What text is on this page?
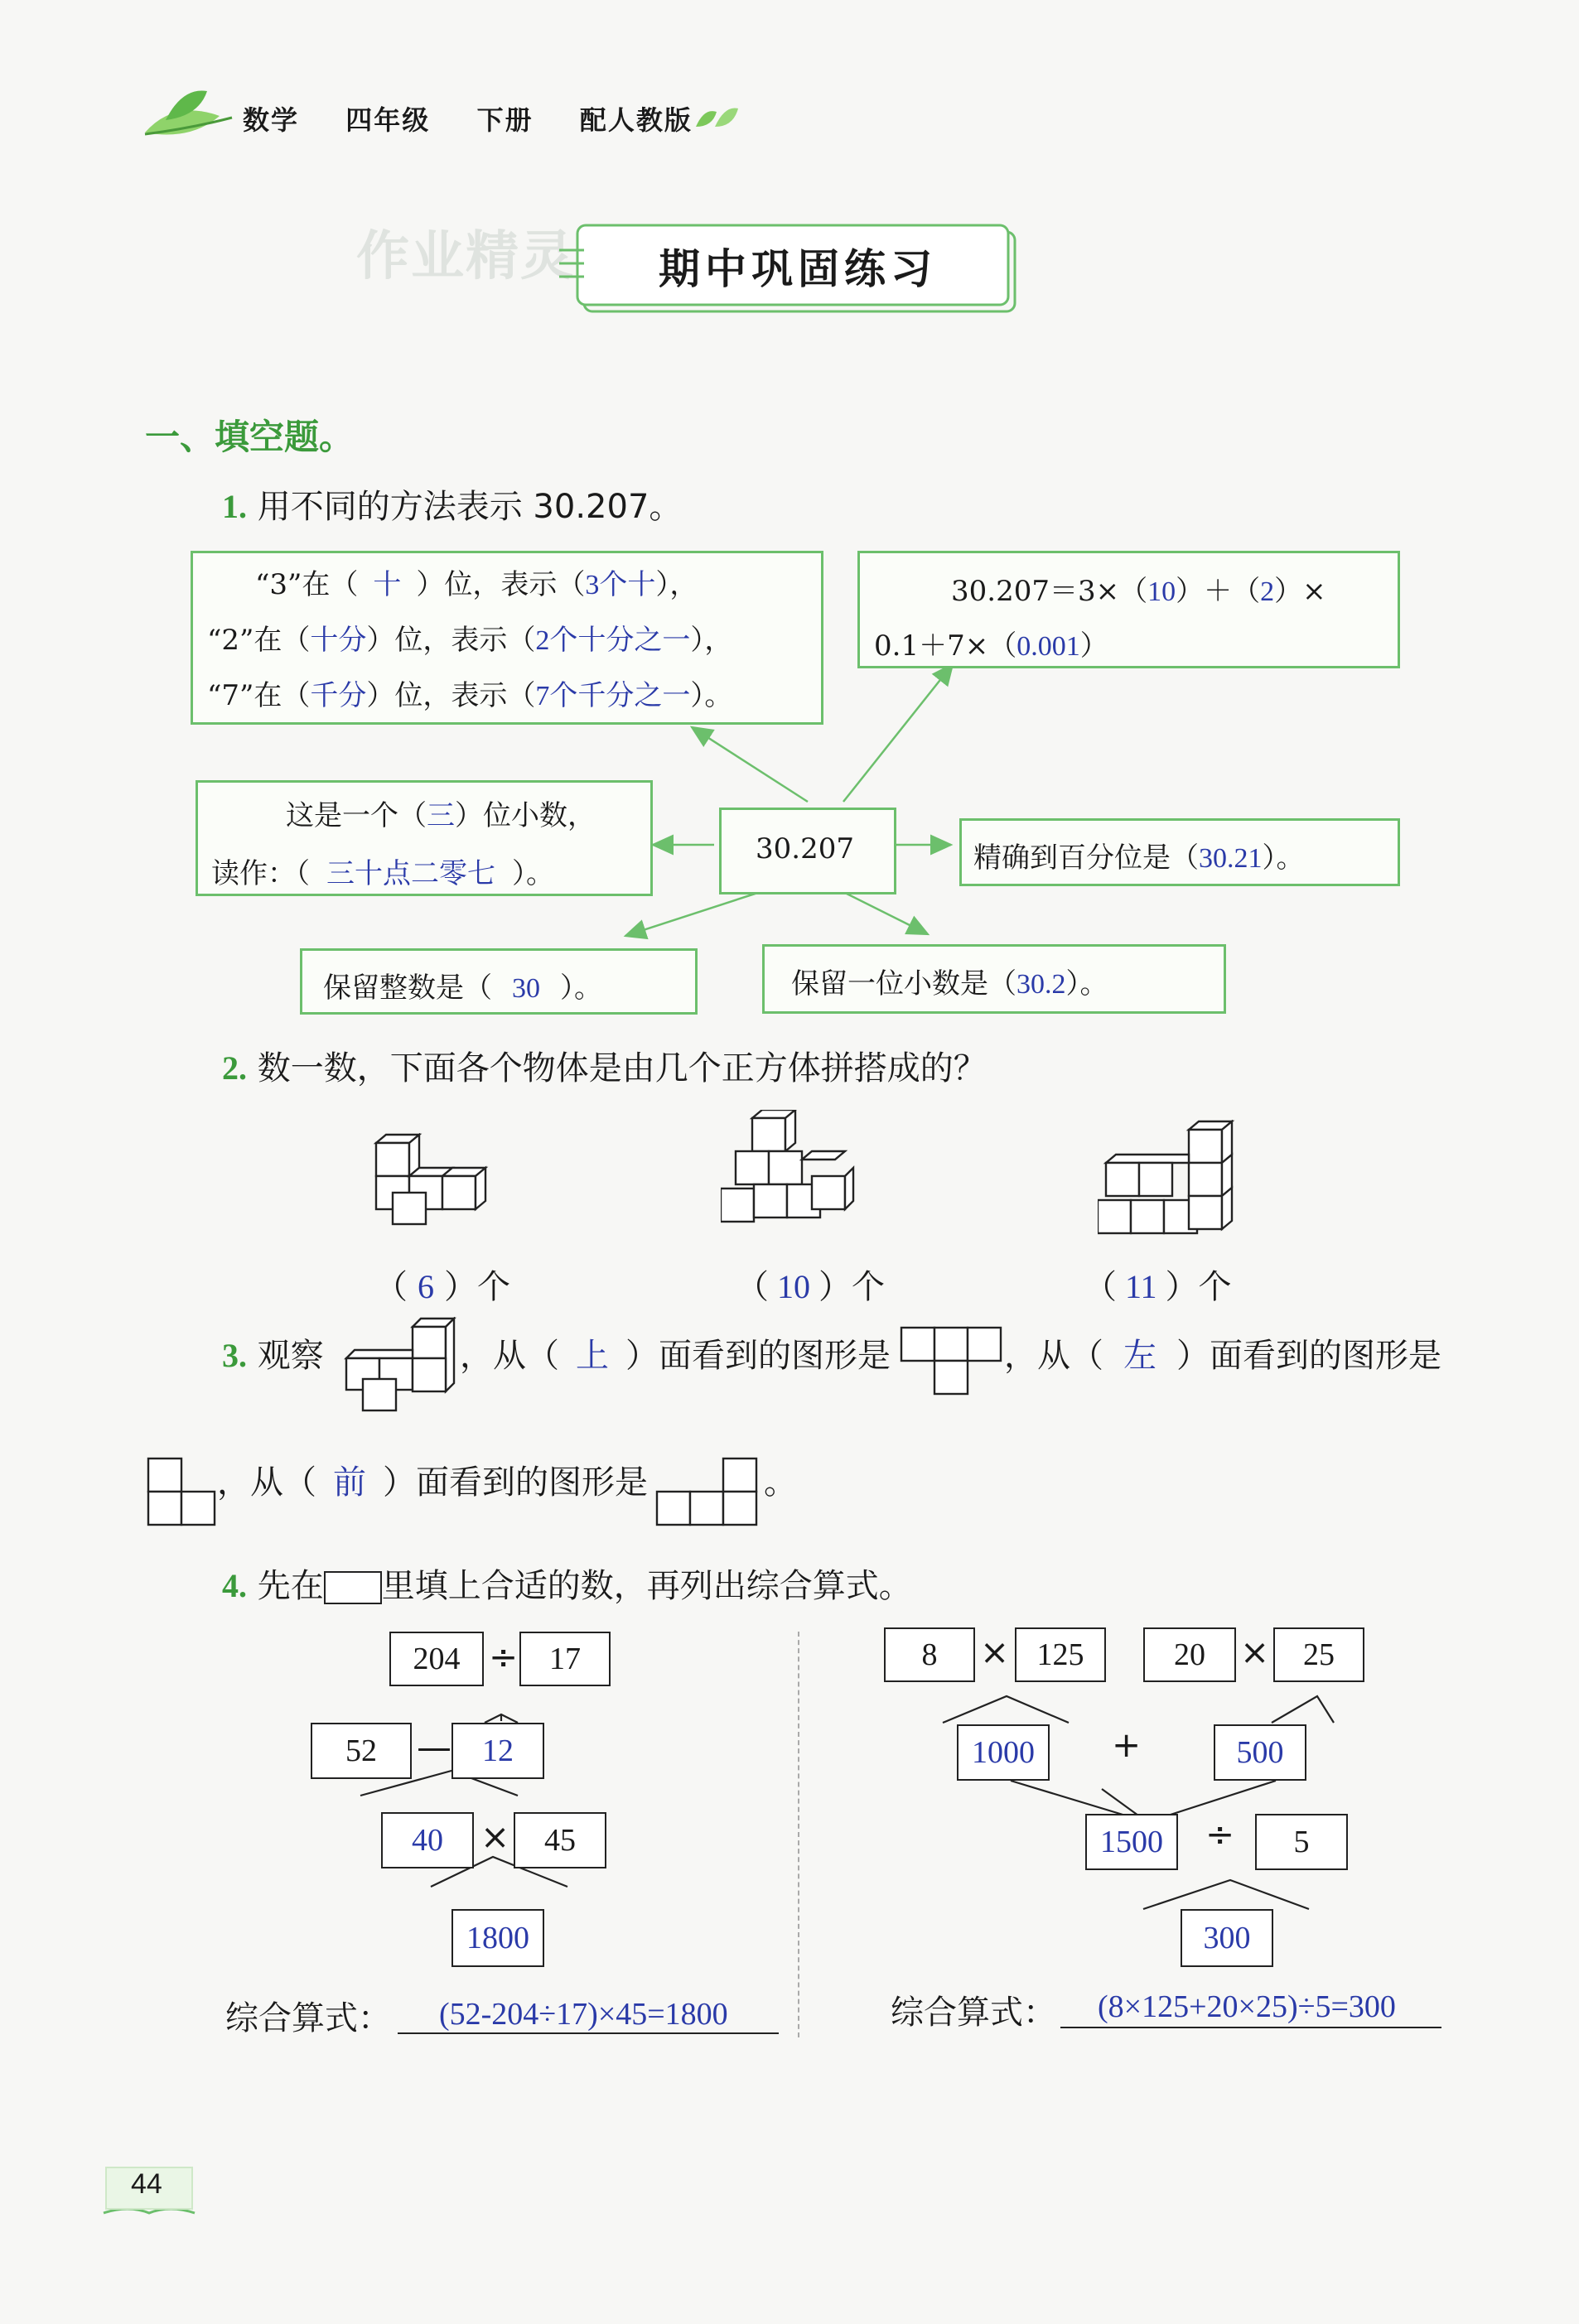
数学 四年级 下册 配人教版
作业精灵 期中巩固练习
一、填空题。
1. 用不同的方法表示 30.207。
“3”在（ 十 ）位，表示（3个十），
“2”在（十分）位，表示（2个十分之一），
“7”在（千分）位，表示（7个千分之一）。
30.207＝3×（10）＋（2）×
0.1＋7×（0.001）
这是一个（三）位小数，
读作：（ 三十点二零七 ）。
30.207	精确到百分位是（30.21）。
保留整数是（ 30 ）。	保留一位小数是（30.2）。
2. 数一数，下面各个物体是由几个正方体拼搭成的？
（ 6 ）个	（ 10 ）个	（ 11 ）个
3. 观察	，从（ 上 ）面看到的图形是	，从（ 左 ）面看到的图形是
，从（ 前 ）面看到的图形是	。
4. 先在 里填上合适的数，再列出综合算式。
204 ÷ 17
52	— 12
40	×	45
1800
综合算式： (52-204÷17)×45=1800
8	× 125	20	×	25
1000	+	500
1500	÷	5
300
综合算式： (8×125+20×25)÷5=300
44
